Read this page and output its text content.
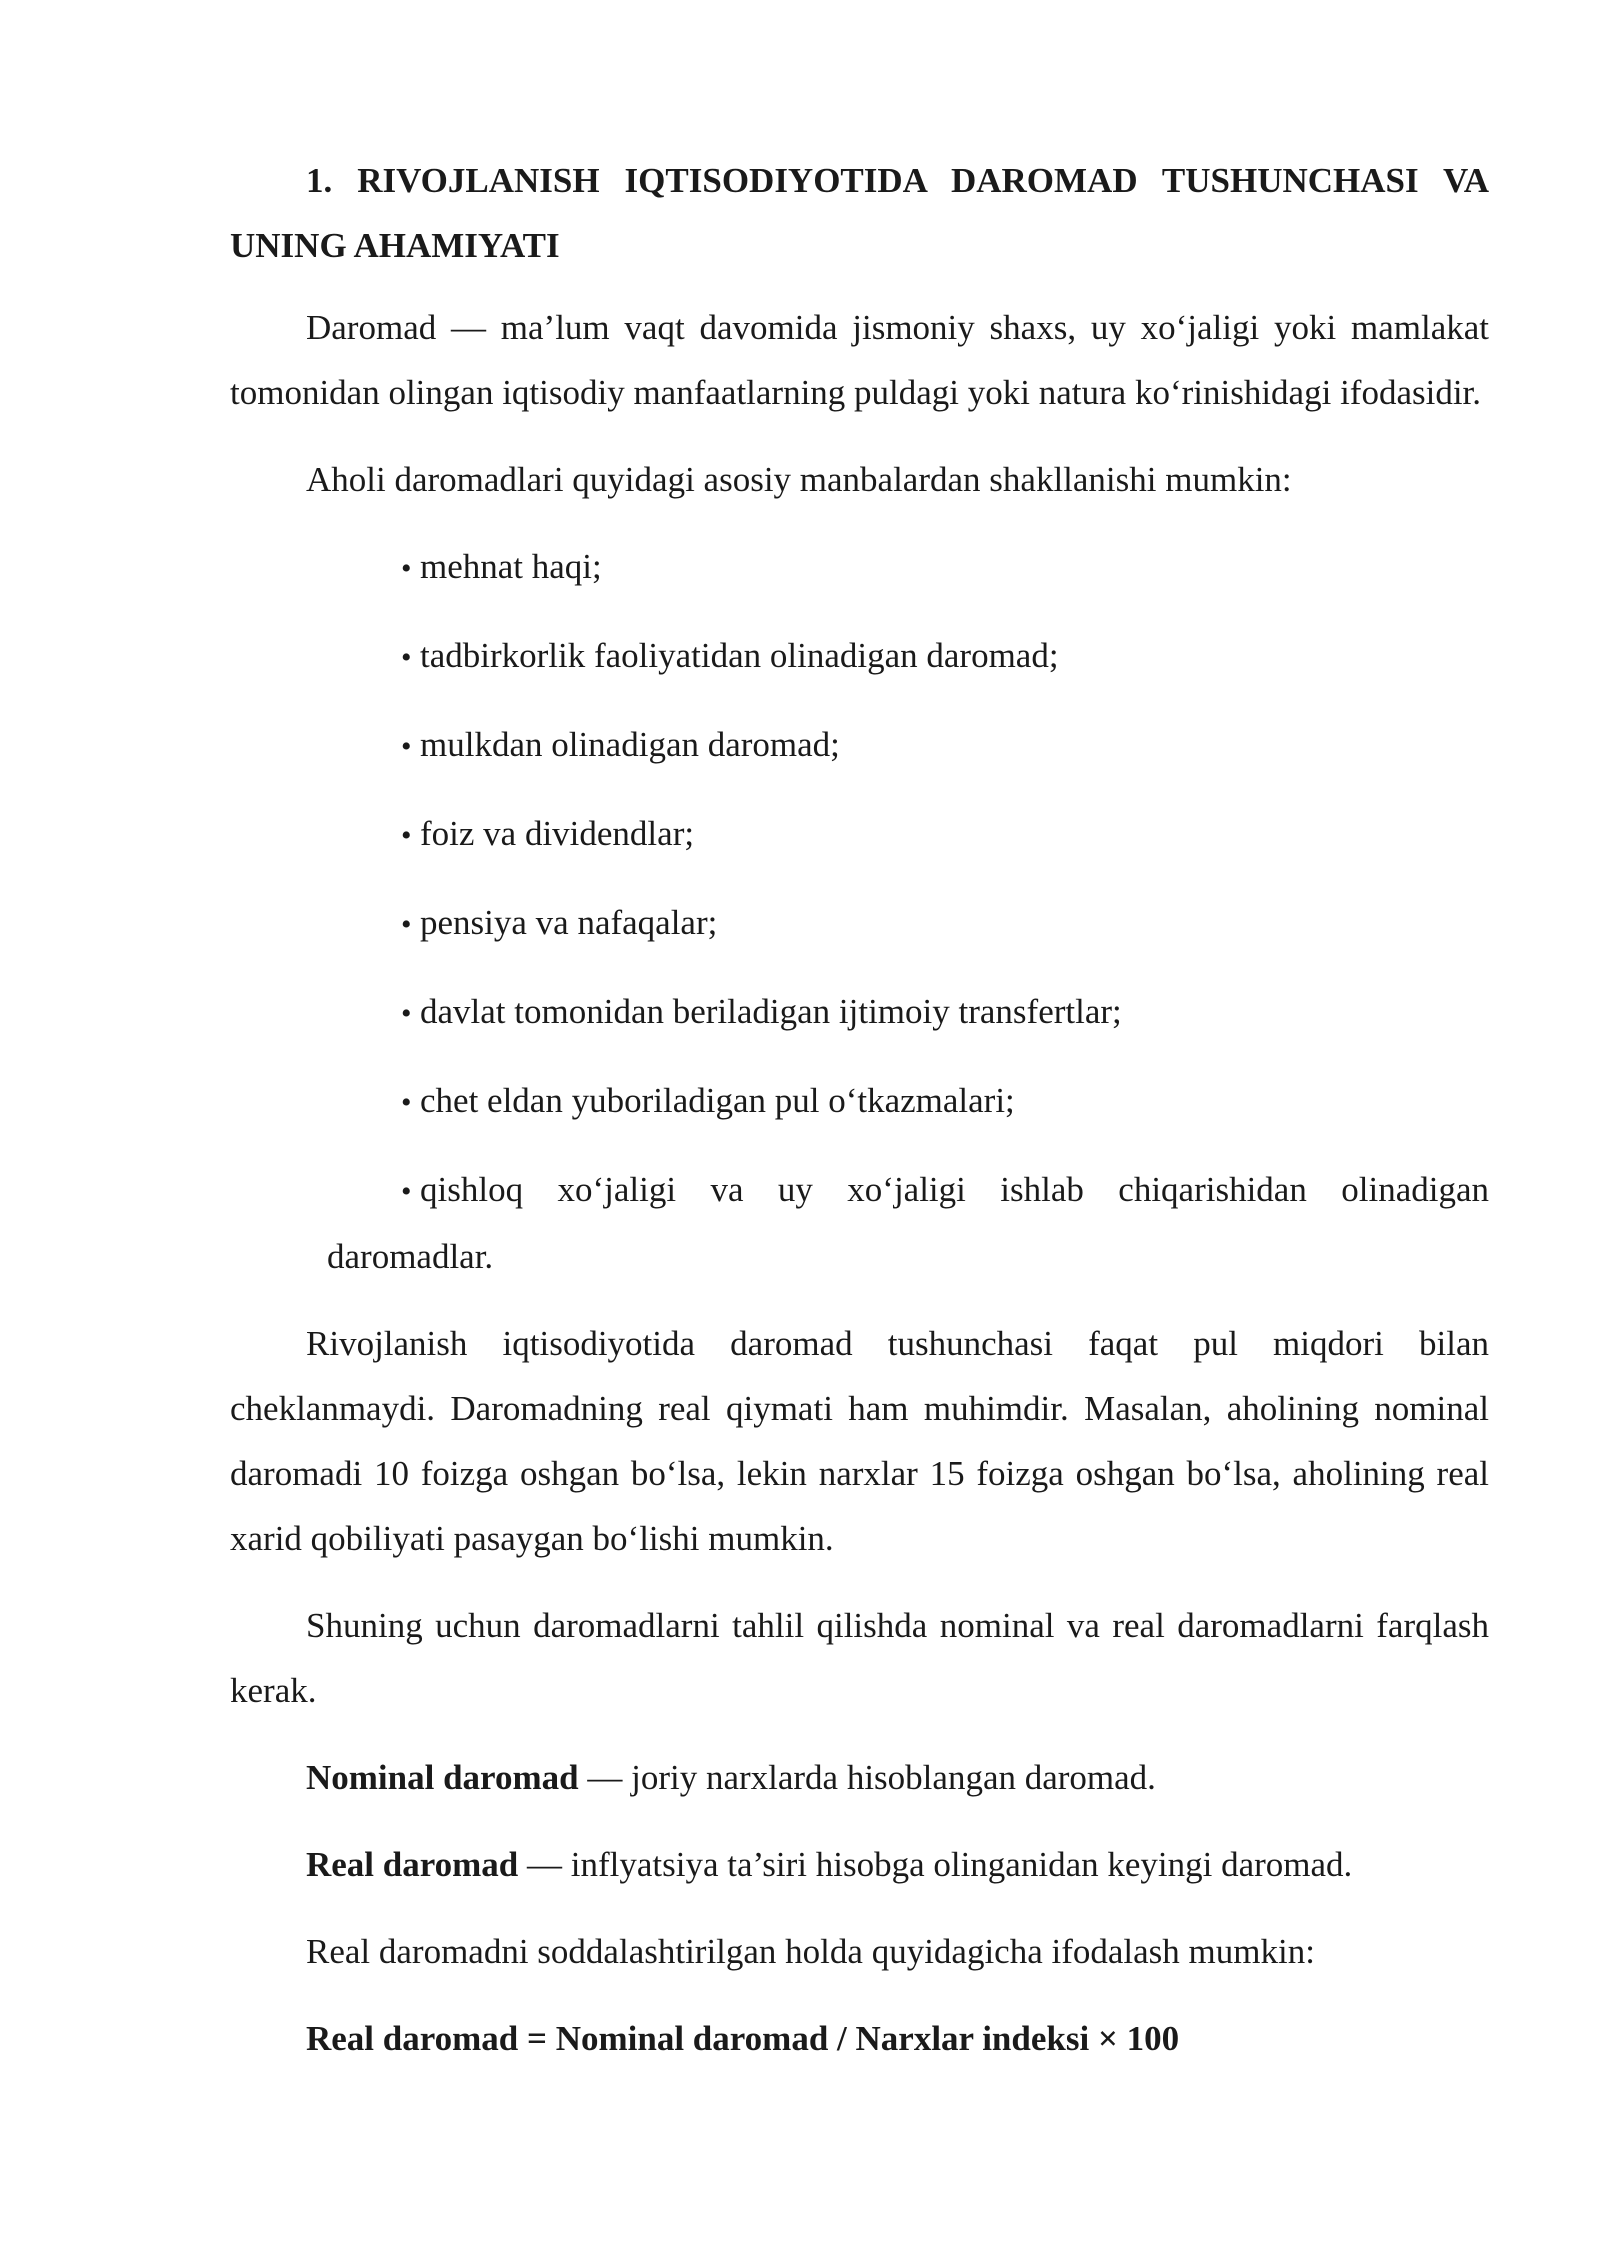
1. RIVOJLANISH IQTISODIYOTIDA DAROMAD TUSHUNCHASI VA UNING AHAMIYATI

Daromad — ma’lum vaqt davomida jismoniy shaxs, uy xo‘jaligi yoki mamlakat tomonidan olingan iqtisodiy manfaatlarning puldagi yoki natura ko‘rinishidagi ifodasidir.

Aholi daromadlari quyidagi asosiy manbalardan shakllanishi mumkin:

• mehnat haqi;
• tadbirkorlik faoliyatidan olinadigan daromad;
• mulkdan olinadigan daromad;
• foiz va dividendlar;
• pensiya va nafaqalar;
• davlat tomonidan beriladigan ijtimoiy transfertlar;
• chet eldan yuboriladigan pul o‘tkazmalari;
• qishloq xo‘jaligi va uy xo‘jaligi ishlab chiqarishidan olinadigan
daromadlar.

Rivojlanish iqtisodiyotida daromad tushunchasi faqat pul miqdori bilan cheklanmaydi. Daromadning real qiymati ham muhimdir. Masalan, aholining nominal daromadi 10 foizga oshgan bo‘lsa, lekin narxlar 15 foizga oshgan bo‘lsa, aholining real xarid qobiliyati pasaygan bo‘lishi mumkin.

Shuning uchun daromadlarni tahlil qilishda nominal va real daromadlarni farqlash kerak.

Nominal daromad — joriy narxlarda hisoblangan daromad.

Real daromad — inflyatsiya ta’siri hisobga olinganidan keyingi daromad.

Real daromadni soddalashtirilgan holda quyidagicha ifodalash mumkin:

Real daromad = Nominal daromad / Narxlar indeksi × 100
